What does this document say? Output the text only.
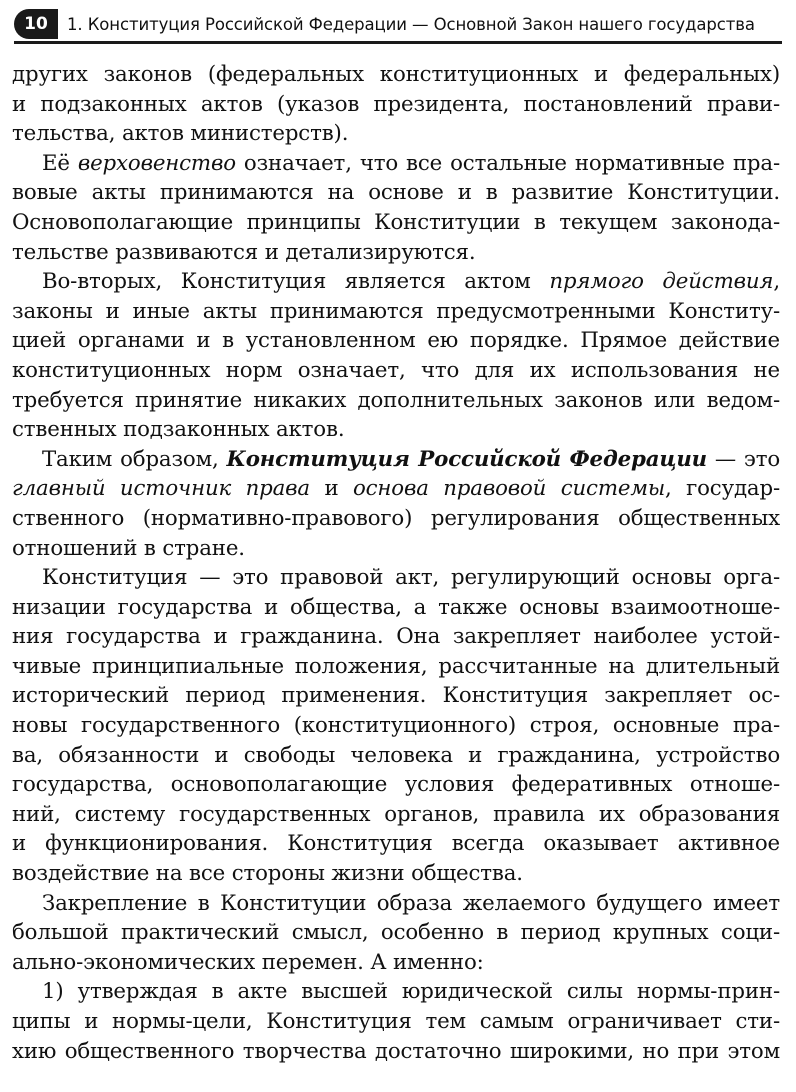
10	1. Конституция Российской Федерации — Основной Закон нашего государства
других законов (федеральных конституционных и федеральных)
и подзаконных актов (указов президента, постановлений прави-
тельства, актов министерств).
Её верховенство означает, что все остальные нормативные пра-
вовые акты принимаются на основе и в развитие Конституции.
Основополагающие принципы Конституции в текущем законода-
тельстве развиваются и детализируются.
Во-вторых, Конституция является актом прямого действия,
законы и иные акты принимаются предусмотренными Конститу-
цией органами и в установленном ею порядке. Прямое действие
конституционных норм означает, что для их использования не
требуется принятие никаких дополнительных законов или ведом-
ственных подзаконных актов.
Таким образом, Конституция Российской Федерации — это
главный источник права и основа правовой системы, государ-
ственного (нормативно-правового) регулирования общественных
отношений в стране.
Конституция — это правовой акт, регулирующий основы орга-
низации государства и общества, а также основы взаимоотноше-
ния государства и гражданина. Она закрепляет наиболее устой-
чивые принципиальные положения, рассчитанные на длительный
исторический период применения. Конституция закрепляет ос-
новы государственного (конституционного) строя, основные пра-
ва, обязанности и свободы человека и гражданина, устройство
государства, основополагающие условия федеративных отноше-
ний, систему государственных органов, правила их образования
и функционирования. Конституция всегда оказывает активное
воздействие на все стороны жизни общества.
Закрепление в Конституции образа желаемого будущего имеет
большой практический смысл, особенно в период крупных соци-
ально-экономических перемен. А именно:
1) утверждая в акте высшей юридической силы нормы-прин-
ципы и нормы-цели, Конституция тем самым ограничивает сти-
хию общественного творчества достаточно широкими, но при этом
